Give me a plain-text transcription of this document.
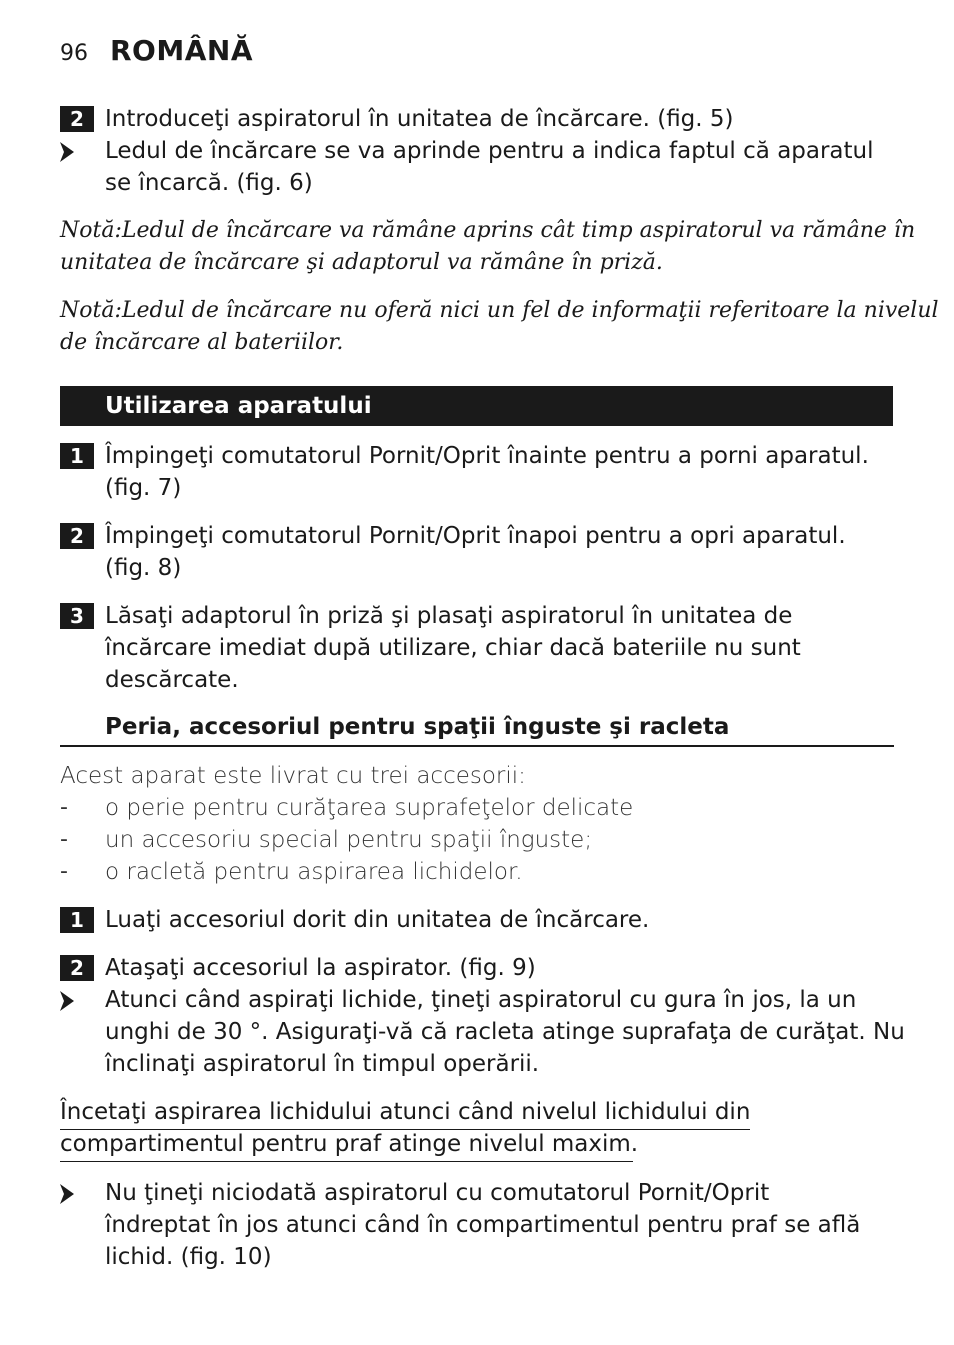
96 ROMÂNĂ
2 Introduceţi aspiratorul în unitatea de încărcare. (fig. 5)
Ledul de încărcare se va aprinde pentru a indica faptul că aparatul
se încarcă. (fig. 6)
Notă:Ledul de încărcare va rămâne aprins cât timp aspiratorul va rămâne în
unitatea de încărcare şi adaptorul va rămâne în priză.
Notă:Ledul de încărcare nu oferă nici un fel de informaţii referitoare la nivelul
de încărcare al bateriilor.
Utilizarea aparatului
1 Împingeţi comutatorul Pornit/Oprit înainte pentru a porni aparatul.
(fig. 7)
2 Împingeţi comutatorul Pornit/Oprit înapoi pentru a opri aparatul.
(fig. 8)
3 Lăsaţi adaptorul în priză şi plasaţi aspiratorul în unitatea de
încărcare imediat după utilizare, chiar dacă bateriile nu sunt
descărcate.
Peria, accesoriul pentru spaţii înguste şi racleta
Acest aparat este livrat cu trei accesorii:
- o perie pentru curăţarea suprafeţelor delicate
- un accesoriu special pentru spaţii înguste;
- o racletă pentru aspirarea lichidelor.
1 Luaţi accesoriul dorit din unitatea de încărcare.
2 Ataşaţi accesoriul la aspirator. (fig. 9)
Atunci când aspiraţi lichide, ţineţi aspiratorul cu gura în jos, la un
unghi de 30 °. Asiguraţi-vă că racleta atinge suprafaţa de curăţat. Nu
înclinaţi aspiratorul în timpul operării.
Încetaţi aspirarea lichidului atunci când nivelul lichidului din
compartimentul pentru praf atinge nivelul maxim.
Nu ţineţi niciodată aspiratorul cu comutatorul Pornit/Oprit
îndreptat în jos atunci când în compartimentul pentru praf se află
lichid. (fig. 10)
